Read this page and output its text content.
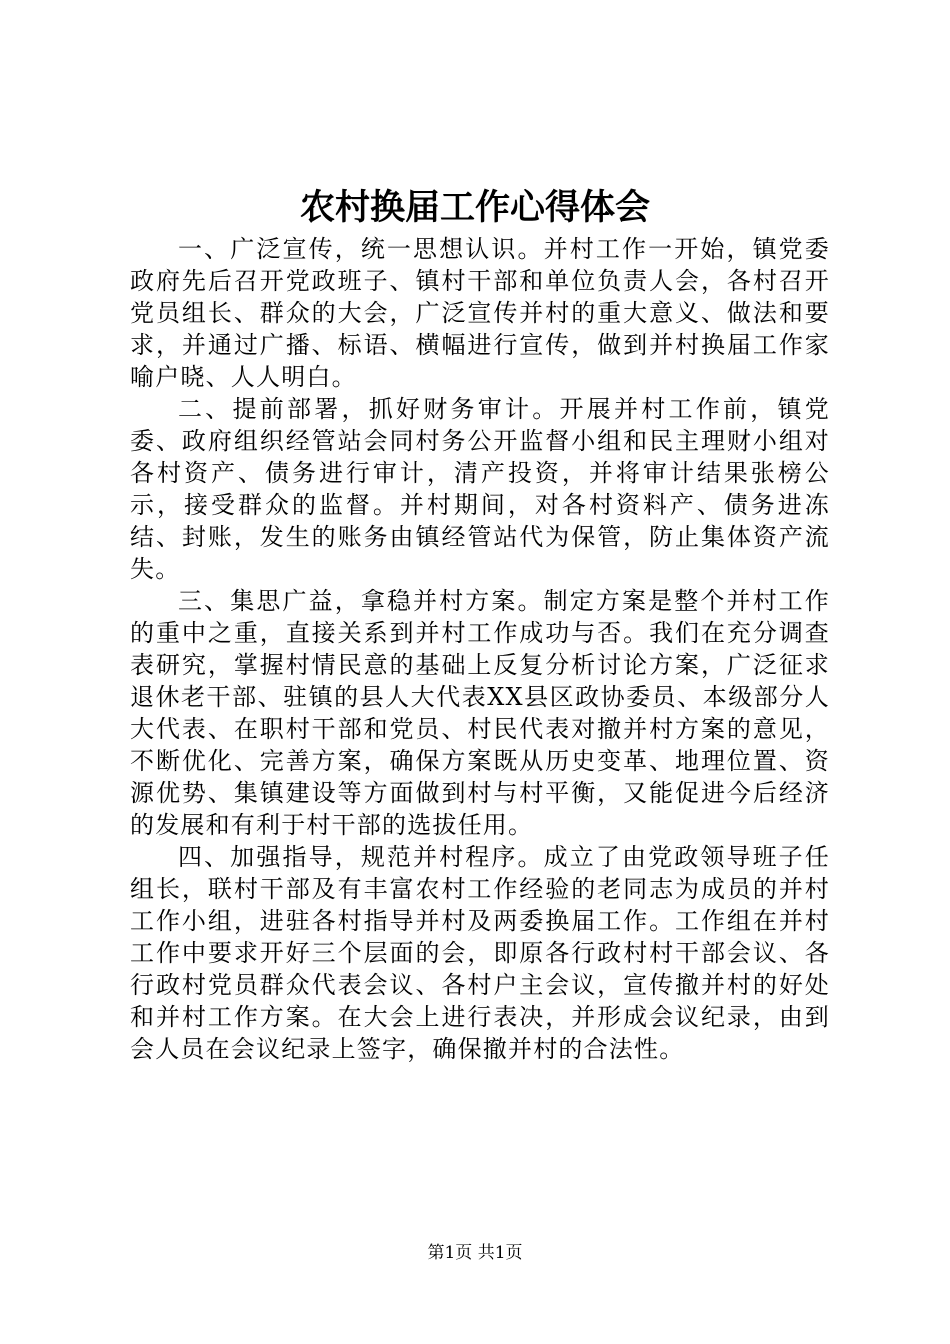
农村换届工作心得体会

一、广泛宣传，统一思想认识。并村工作一开始，镇党委政府先后召开党政班子、镇村干部和单位负责人会，各村召开党员组长、群众的大会，广泛宣传并村的重大意义、做法和要求，并通过广播、标语、横幅进行宣传，做到并村换届工作家喻户晓、人人明白。

二、提前部署，抓好财务审计。开展并村工作前，镇党委、政府组织经管站会同村务公开监督小组和民主理财小组对各村资产、债务进行审计，清产投资，并将审计结果张榜公示，接受群众的监督。并村期间，对各村资料产、债务进冻结、封账，发生的账务由镇经管站代为保管，防止集体资产流失。

三、集思广益，拿稳并村方案。制定方案是整个并村工作的重中之重，直接关系到并村工作成功与否。我们在充分调查表研究，掌握村情民意的基础上反复分析讨论方案，广泛征求退休老干部、驻镇的县人大代表XX县区政协委员、本级部分人大代表、在职村干部和党员、村民代表对撤并村方案的意见，不断优化、完善方案，确保方案既从历史变革、地理位置、资源优势、集镇建设等方面做到村与村平衡，又能促进今后经济的发展和有利于村干部的选拔任用。

四、加强指导，规范并村程序。成立了由党政领导班子任组长，联村干部及有丰富农村工作经验的老同志为成员的并村工作小组，进驻各村指导并村及两委换届工作。工作组在并村工作中要求开好三个层面的会，即原各行政村村干部会议、各行政村党员群众代表会议、各村户主会议，宣传撤并村的好处和并村工作方案。在大会上进行表决，并形成会议纪录，由到会人员在会议纪录上签字，确保撤并村的合法性。

第1页 共1页
